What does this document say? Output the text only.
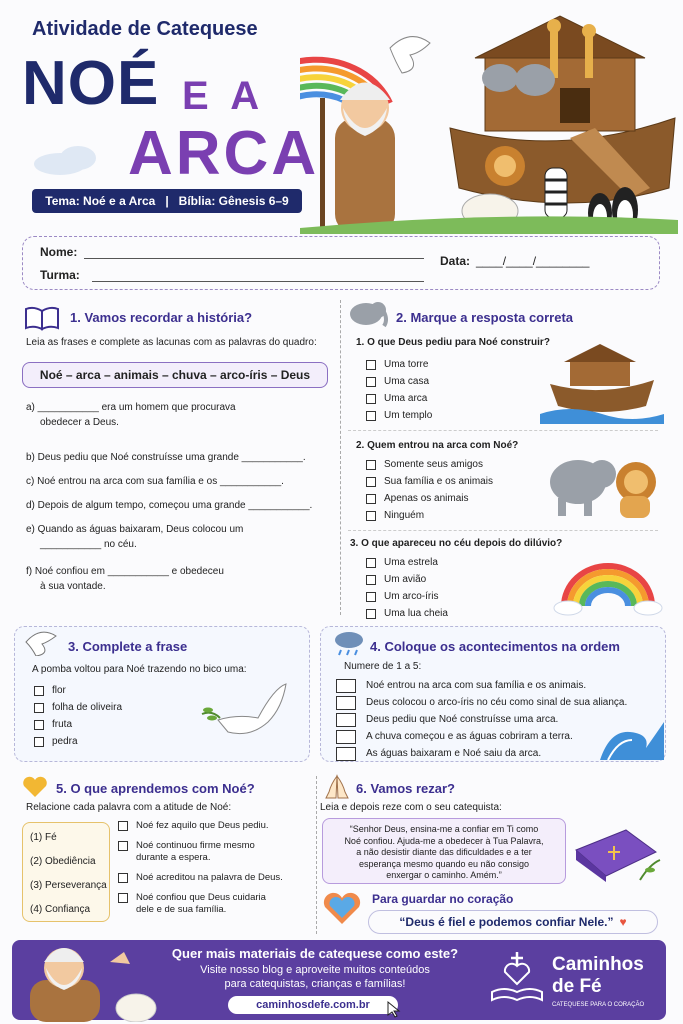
Atividade de Catequese
NOÉ E A
ARCA
Tema: Noé e a Arca | Bíblia: Gênesis 6–9
Nome:
Turma:
Data: ____/____/________
1. Vamos recordar a história?
Leia as frases e complete as lacunas com as palavras do quadro:
Noé – arca – animais – chuva – arco-íris – Deus
a) ___________ era um homem que procurava
obedecer a Deus.
b) Deus pediu que Noé construísse uma grande ___________.
c) Noé entrou na arca com sua família e os ___________.
d) Depois de algum tempo, começou uma grande ___________.
e) Quando as águas baixaram, Deus colocou um
___________ no céu.
f) Noé confiou em ___________ e obedeceu
à sua vontade.
2. Marque a resposta correta
1. O que Deus pediu para Noé construir?
Uma torre
Uma casa
Uma arca
Um templo
2. Quem entrou na arca com Noé?
Somente seus amigos
Sua família e os animais
Apenas os animais
Ninguém
3. O que apareceu no céu depois do dilúvio?
Uma estrela
Um avião
Um arco-íris
Uma lua cheia
3. Complete a frase
A pomba voltou para Noé trazendo no bico uma:
flor
folha de oliveira
fruta
pedra
4. Coloque os acontecimentos na ordem
Numere de 1 a 5:
Noé entrou na arca com sua família e os animais.
Deus colocou o arco-íris no céu como sinal de sua aliança.
Deus pediu que Noé construísse uma arca.
A chuva começou e as águas cobriram a terra.
As águas baixaram e Noé saiu da arca.
5. O que aprendemos com Noé?
Relacione cada palavra com a atitude de Noé:
(1) Fé
(2) Obediência
(3) Perseverança
(4) Confiança
Noé fez aquilo que Deus pediu.
Noé continuou firme mesmo
durante a espera.
Noé acreditou na palavra de Deus.
Noé confiou que Deus cuidaria
dele e de sua família.
6. Vamos rezar?
Leia e depois reze com o seu catequista:
“Senhor Deus, ensina-me a confiar em Ti como
Noé confiou. Ajuda-me a obedecer à Tua Palavra,
a não desistir diante das dificuldades e a ter
esperança mesmo quando eu não consigo
enxergar o caminho. Amém.”
Para guardar no coração
“Deus é fiel e podemos confiar Nele.” ♥
Quer mais materiais de catequese como este?
Visite nosso blog e aproveite muitos conteúdos
para catequistas, crianças e famílias!
caminhosdefe.com.br
Caminhos
de Fé
CATEQUESE PARA O CORAÇÃO
